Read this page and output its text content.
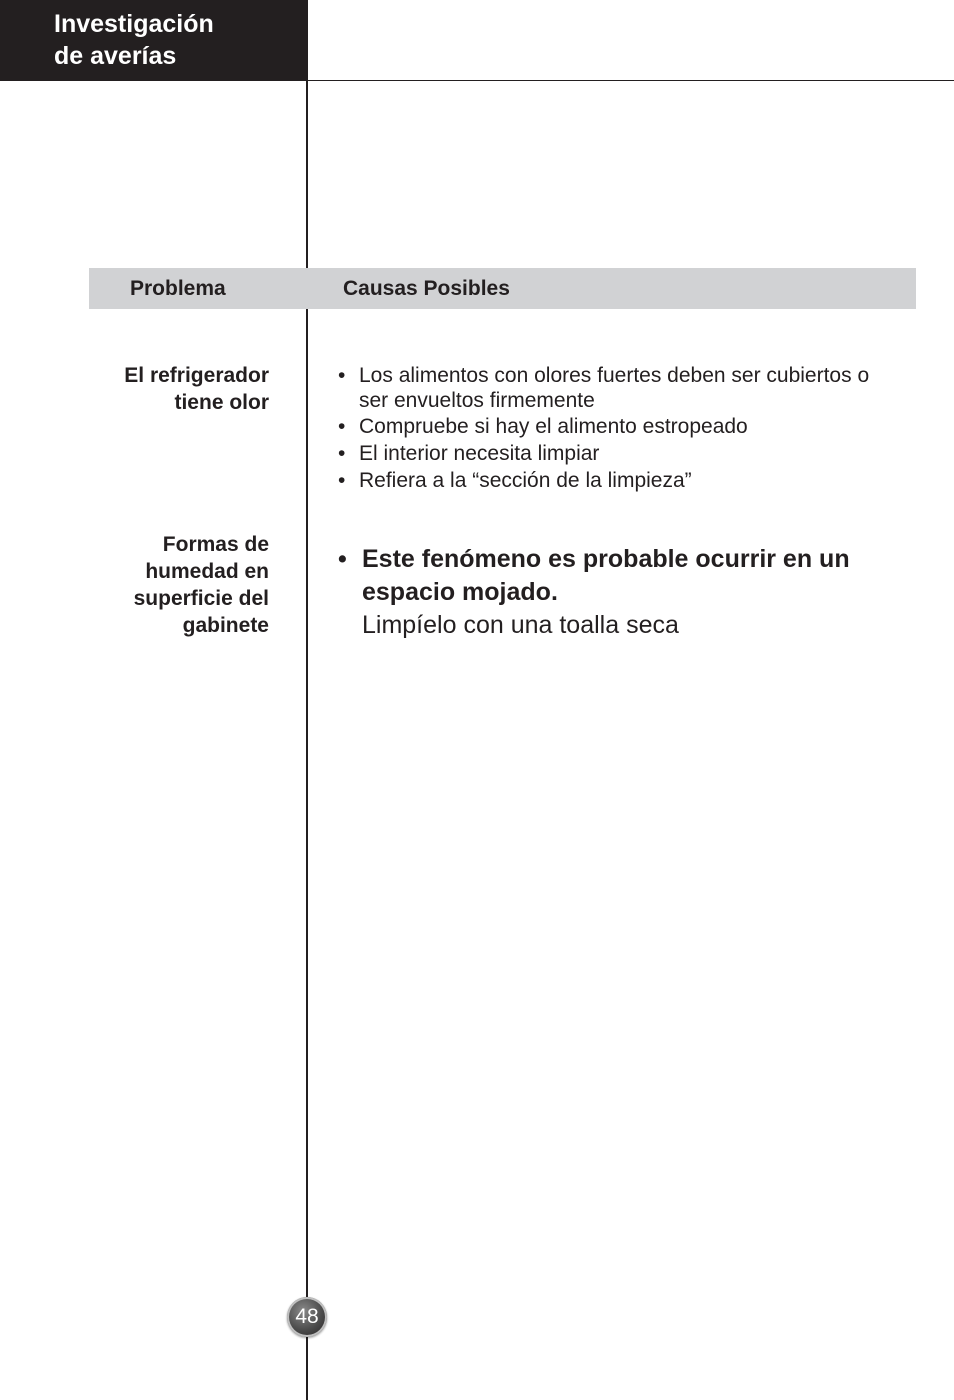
Investigación
de averías
Problema	Causas Posibles
El refrigerador
tiene olor
• Los alimentos con olores fuertes deben ser cubiertos o
ser envueltos firmemente
• Compruebe si hay el alimento estropeado
• El interior necesita limpiar
• Refiera a la “sección de la limpieza”
Formas de
humedad en
superficie del
gabinete
• Este fenómeno es probable ocurrir en un
espacio mojado.
Limpíelo con una toalla seca
48
